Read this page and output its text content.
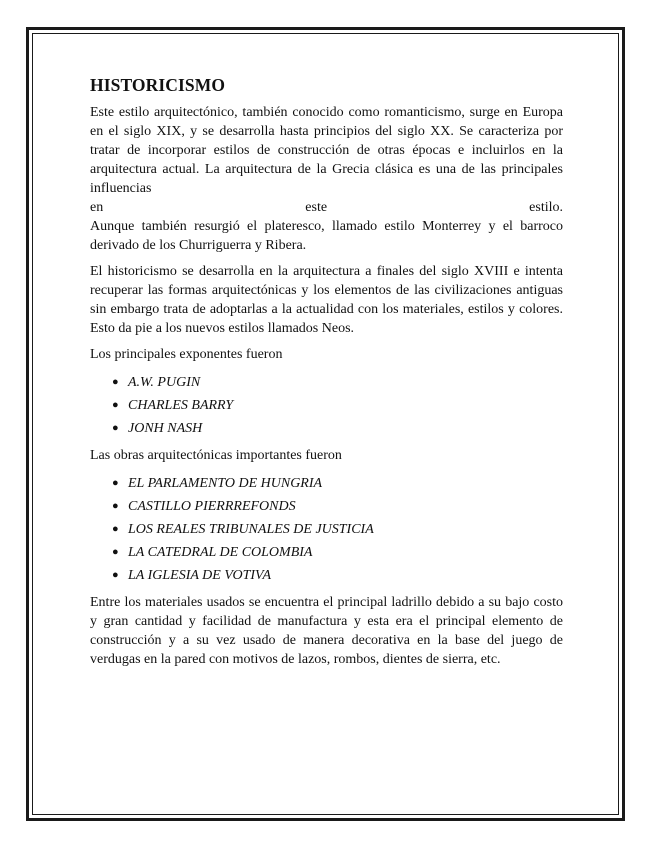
HISTORICISMO

Este estilo arquitectónico, también conocido como romanticismo, surge en Europa en el siglo XIX, y se desarrolla hasta principios del siglo XX. Se caracteriza por tratar de incorporar estilos de construcción de otras épocas e incluirlos en la arquitectura actual. La arquitectura de la Grecia clásica es una de las principales influencias
en este estilo.
Aunque también resurgió el plateresco, llamado estilo Monterrey y el barroco derivado de los Churriguerra y Ribera.

El historicismo se desarrolla en la arquitectura a finales del siglo XVIII e intenta recuperar las formas arquitectónicas y los elementos de las civilizaciones antiguas sin embargo trata de adoptarlas a la actualidad con los materiales, estilos y colores. Esto da pie a los nuevos estilos llamados Neos.

Los principales exponentes fueron

● A.W. PUGIN
● CHARLES BARRY
● JONH NASH

Las obras arquitectónicas importantes fueron

● EL PARLAMENTO DE HUNGRIA
● CASTILLO PIERRREFONDS
● LOS REALES TRIBUNALES DE JUSTICIA
● LA CATEDRAL DE COLOMBIA
● LA IGLESIA DE VOTIVA

Entre los materiales usados se encuentra el principal ladrillo debido a su bajo costo y gran cantidad y facilidad de manufactura y esta era el principal elemento de construcción y a su vez usado de manera decorativa en la base del juego de verdugas en la pared con motivos de lazos, rombos, dientes de sierra, etc.
